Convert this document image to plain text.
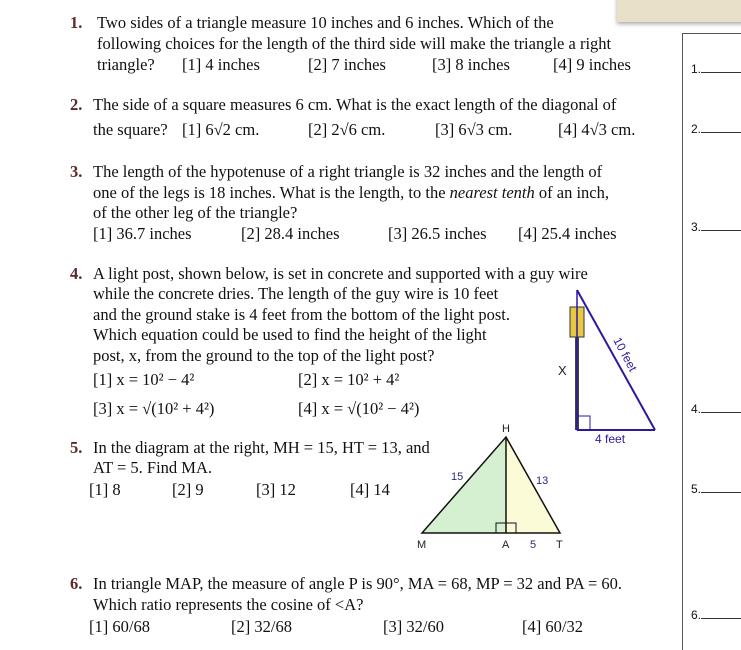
1.
2.
3.
4.
5.
6.
1. Two sides of a triangle measure 10 inches and 6 inches. Which of the
following choices for the length of the third side will make the triangle a right
triangle? [1] 4 inches	[2] 7 inches	[3] 8 inches	[4] 9 inches
2. The side of a square measures 6 cm. What is the exact length of the diagonal of
the square? [1] 6√2 cm.	[2] 2√6 cm.	[3] 6√3 cm.	[4] 4√3 cm.
3. The length of the hypotenuse of a right triangle is 32 inches and the length of
one of the legs is 18 inches. What is the length, to the nearest tenth of an inch,
of the other leg of the triangle?
[1] 36.7 inches	[2] 28.4 inches	[3] 26.5 inches [4] 25.4 inches
4. A light post, shown below, is set in concrete and supported with a guy wire
while the concrete dries. The length of the guy wire is 10 feet
and the ground stake is 4 feet from the bottom of the light post.
Which equation could be used to find the height of the light
post, x, from the ground to the top of the light post?
[1] x = 10² − 4²	[2] x = 10² + 4²
[3] x = √(10² + 4²)	[4] x = √(10² − 4²)
X	10 feet
4 feet
5. In the diagram at the right, MH = 15, HT = 13, and
AT = 5. Find MA.
[1] 8	[2] 9	[3] 12	[4] 14
H
M	A	T
5
15	13
6. In triangle MAP, the measure of angle P is 90°, MA = 68, MP = 32 and PA = 60.
Which ratio represents the cosine of <A?
[1] 60/68	[2] 32/68	[3] 32/60	[4] 60/32
